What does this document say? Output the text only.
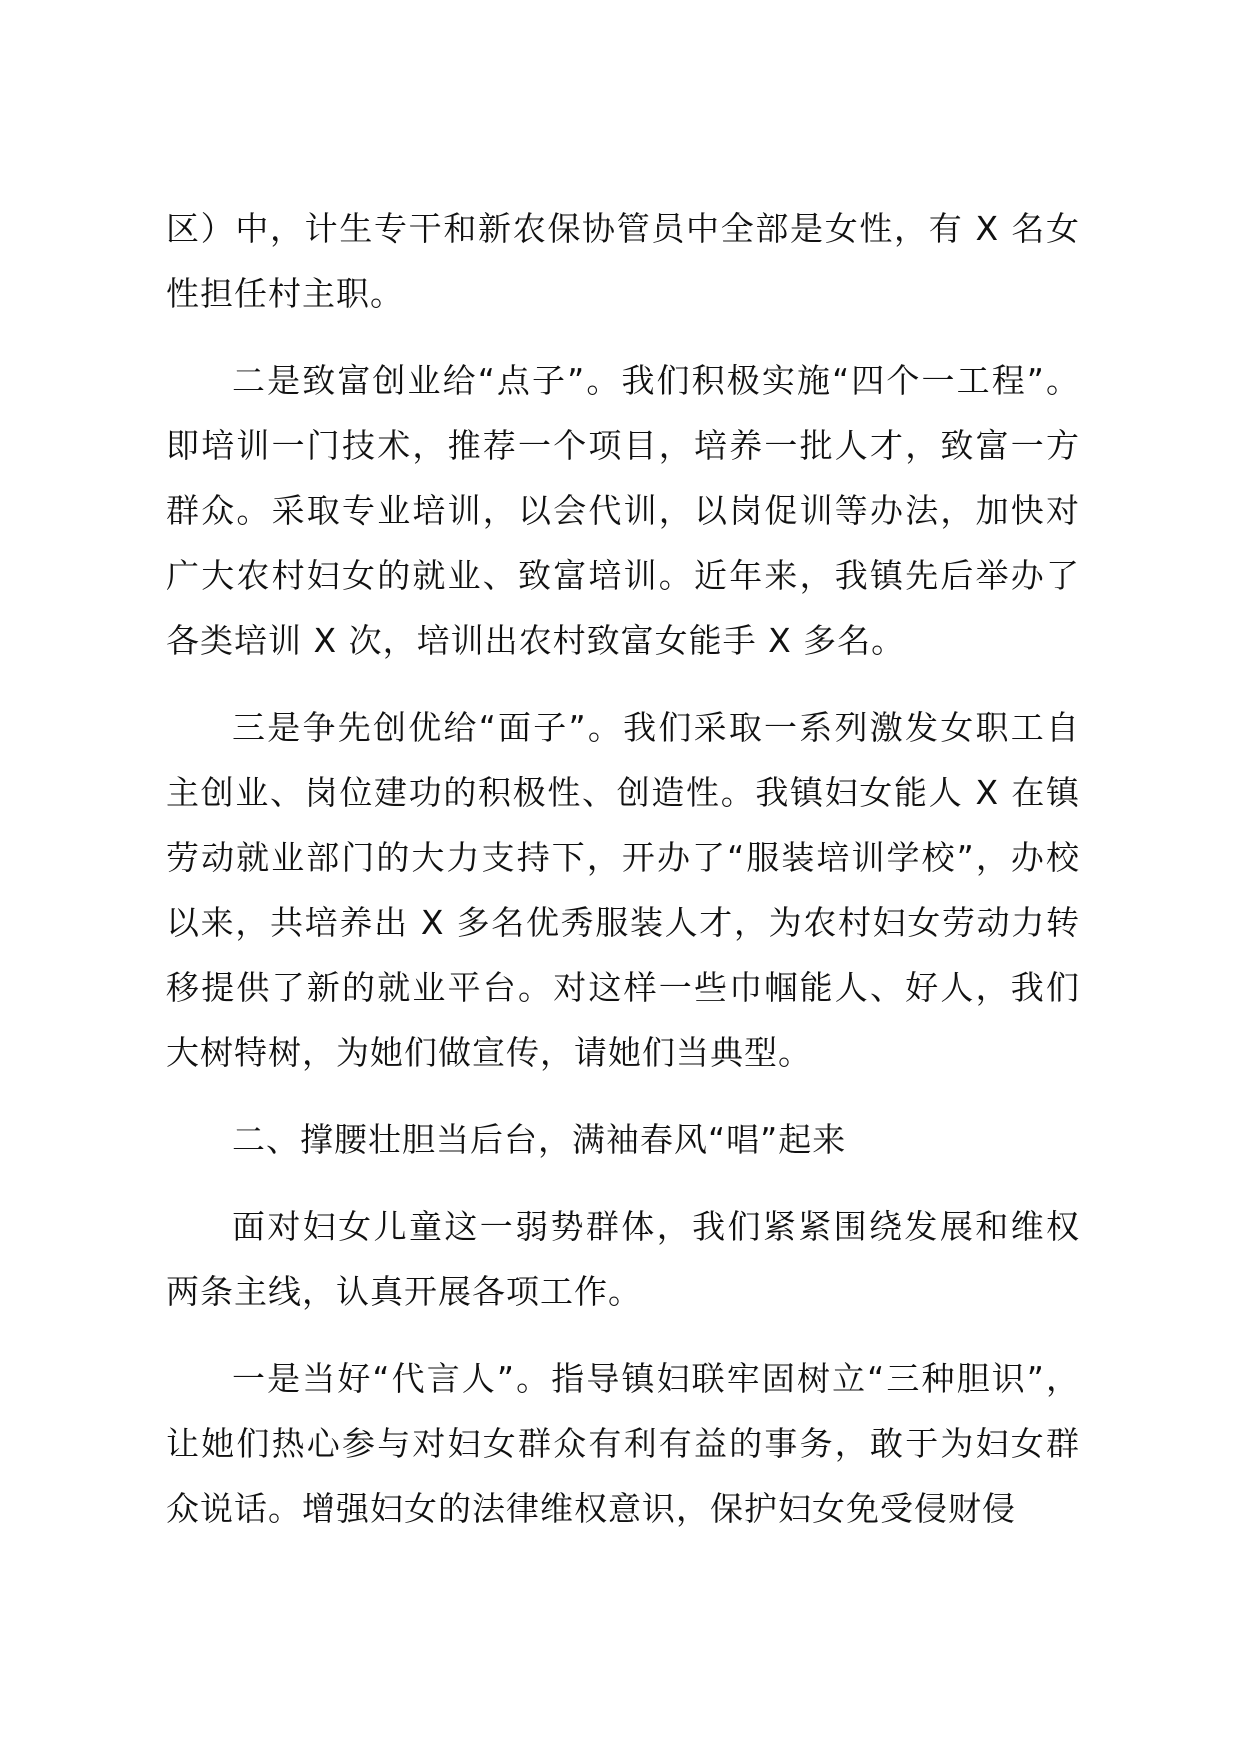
区）中，计生专干和新农保协管员中全部是女性，有 X 名女性担任村主职。

二是致富创业给“点子”。我们积极实施“四个一工程”。即培训一门技术，推荐一个项目，培养一批人才，致富一方群众。采取专业培训，以会代训，以岗促训等办法，加快对广大农村妇女的就业、致富培训。近年来，我镇先后举办了各类培训 X 次，培训出农村致富女能手 X 多名。

三是争先创优给“面子”。我们采取一系列激发女职工自主创业、岗位建功的积极性、创造性。我镇妇女能人 X 在镇劳动就业部门的大力支持下，开办了“服装培训学校”，办校以来，共培养出 X 多名优秀服装人才，为农村妇女劳动力转移提供了新的就业平台。对这样一些巾帼能人、好人，我们大树特树，为她们做宣传，请她们当典型。

二、撑腰壮胆当后台，满袖春风“唱”起来

面对妇女儿童这一弱势群体，我们紧紧围绕发展和维权两条主线，认真开展各项工作。

一是当好“代言人”。指导镇妇联牢固树立“三种胆识”，让她们热心参与对妇女群众有利有益的事务，敢于为妇女群众说话。增强妇女的法律维权意识，保护妇女免受侵财侵
